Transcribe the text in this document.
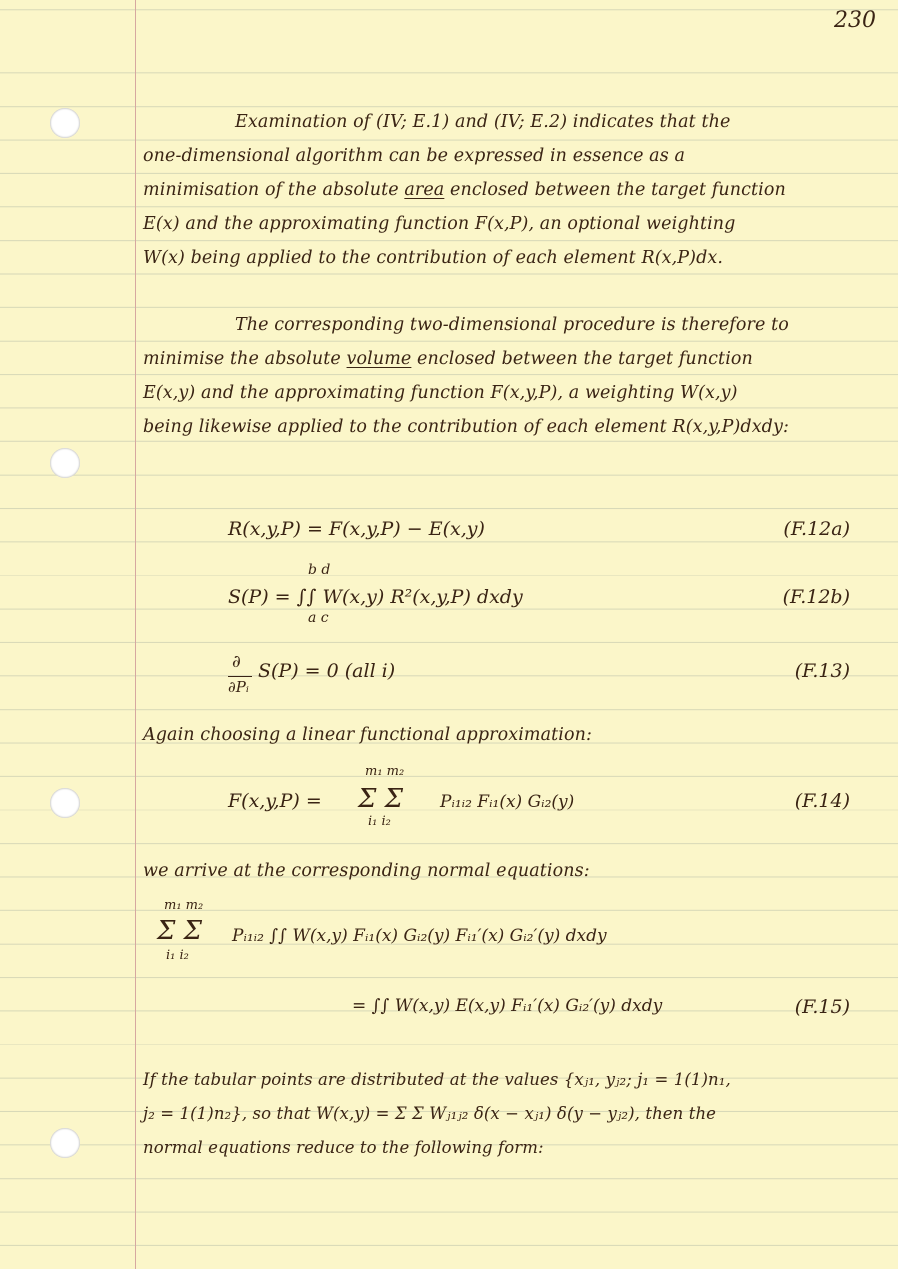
230
Examination of (IV; E.1) and (IV; E.2) indicates that the
one-dimensional algorithm can be expressed in essence as a
minimisation of the absolute area enclosed between the target function
E(x) and the approximating function F(x,P), an optional weighting
W(x) being applied to the contribution of each element R(x,P)dx.
The corresponding two-dimensional procedure is therefore to
minimise the absolute volume enclosed between the target function
E(x,y) and the approximating function F(x,y,P), a weighting W(x,y)
being likewise applied to the contribution of each element R(x,y,P)dxdy:
R(x,y,P) = F(x,y,P) − E(x,y)	(F.12a)
b d
S(P) = ∫∫ W(x,y) R²(x,y,P) dxdy
a c
(F.12b)
∂
∂Pᵢ
S(P) = 0 (all i)	(F.13)
Again choosing a linear functional approximation:
m₁ m₂
F(x,y,P) = Σ Σ
i₁ i₂
Pᵢ₁ᵢ₂ Fᵢ₁(x) Gᵢ₂(y)	(F.14)
we arrive at the corresponding normal equations:
m₁ m₂
Σ Σ
i₁ i₂
Pᵢ₁ᵢ₂ ∫∫ W(x,y) Fᵢ₁(x) Gᵢ₂(y) Fᵢ₁′(x) Gᵢ₂′(y) dxdy
= ∫∫ W(x,y) E(x,y) Fᵢ₁′(x) Gᵢ₂′(y) dxdy	(F.15)
If the tabular points are distributed at the values {xⱼ₁, yⱼ₂; j₁ = 1(1)n₁,
j₂ = 1(1)n₂}, so that W(x,y) = Σ Σ Wⱼ₁ⱼ₂ δ(x − xⱼ₁) δ(y − yⱼ₂), then the
normal equations reduce to the following form:
